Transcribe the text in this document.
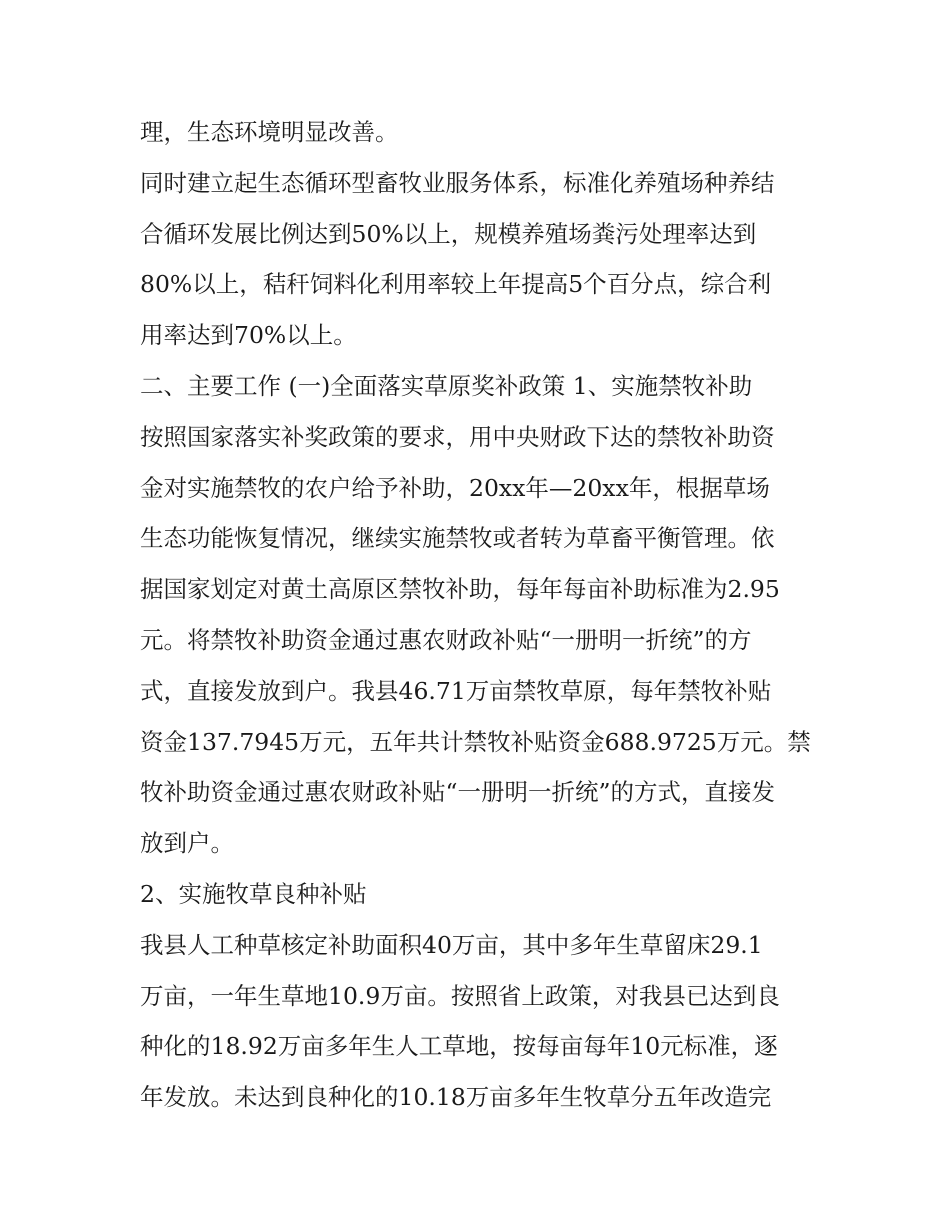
理，生态环境明显改善。
同时建立起生态循环型畜牧业服务体系，标准化养殖场种养结
合循环发展比例达到50%以上，规模养殖场粪污处理率达到
80%以上，秸秆饲料化利用率较上年提高5个百分点，综合利
用率达到70%以上。
二、主要工作 (一)全面落实草原奖补政策 1、实施禁牧补助
按照国家落实补奖政策的要求，用中央财政下达的禁牧补助资
金对实施禁牧的农户给予补助，20xx年—20xx年，根据草场
生态功能恢复情况，继续实施禁牧或者转为草畜平衡管理。依
据国家划定对黄土高原区禁牧补助，每年每亩补助标准为2.95
元。将禁牧补助资金通过惠农财政补贴“一册明一折统”的方
式，直接发放到户。我县46.71万亩禁牧草原，每年禁牧补贴
资金137.7945万元，五年共计禁牧补贴资金688.9725万元。禁
牧补助资金通过惠农财政补贴“一册明一折统”的方式，直接发
放到户。
2、实施牧草良种补贴
我县人工种草核定补助面积40万亩，其中多年生草留床29.1
万亩，一年生草地10.9万亩。按照省上政策，对我县已达到良
种化的18.92万亩多年生人工草地，按每亩每年10元标准，逐
年发放。未达到良种化的10.18万亩多年生牧草分五年改造完
